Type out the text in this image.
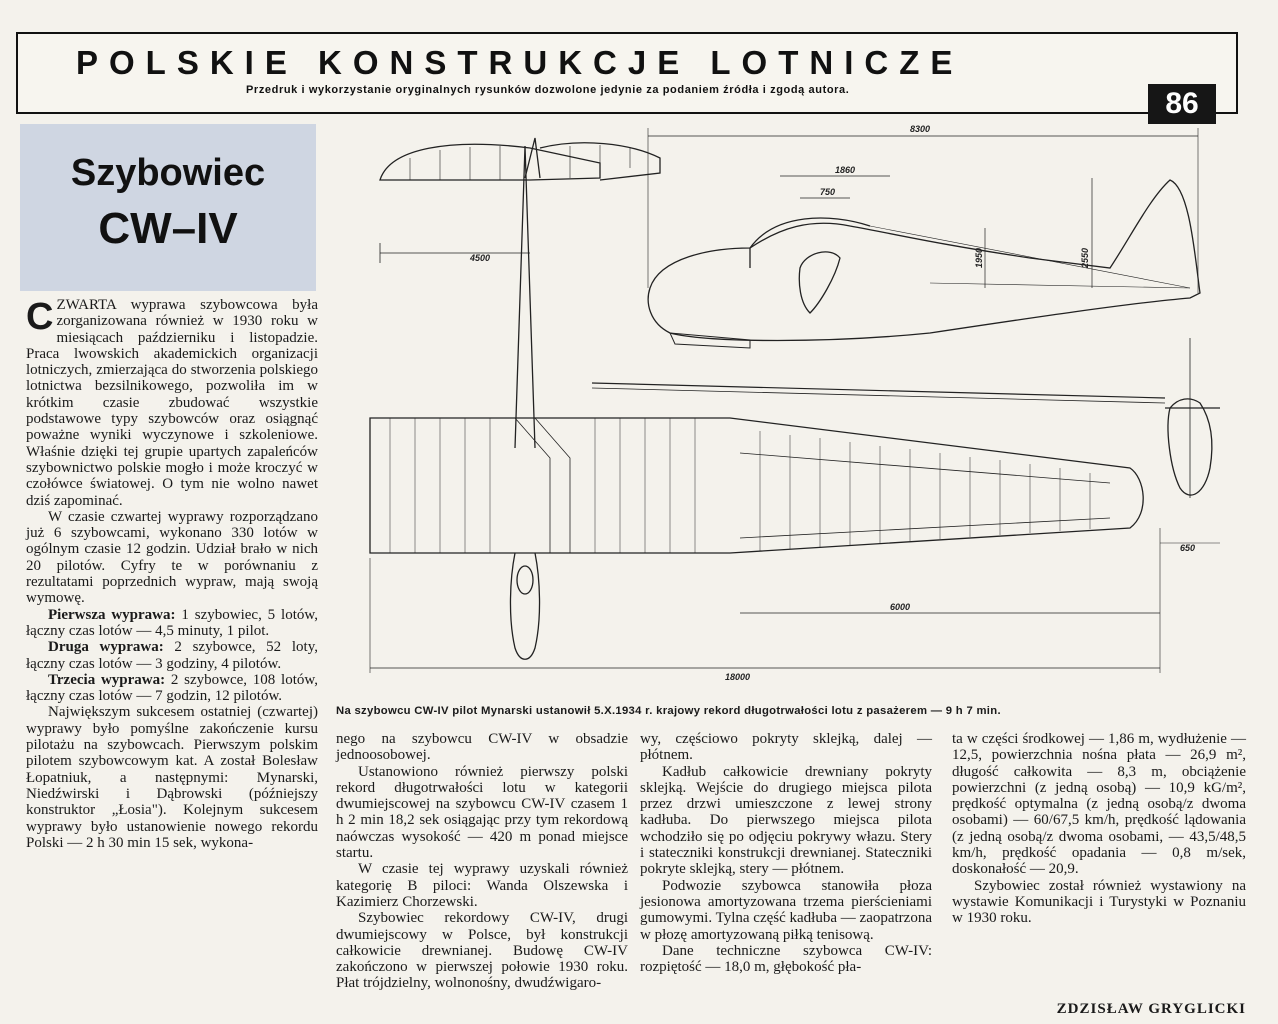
POLSKIE KONSTRUKCJE LOTNICZE
Przedruk i wykorzystanie oryginalnych rysunków dozwolone jedynie za podaniem źródła i zgodą autora.	86
Szybowiec
CW–IV
8300
1860
750
1950	2550
4500
6000
18000
650
Na szybowcu CW-IV pilot Mynarski ustanowił 5.X.1934 r. krajowy rekord długotrwałości lotu z pasażerem — 9 h 7 min.

CZWARTA wyprawa szybowcowa była zorganizowana również w 1930 roku w miesiącach październiku i listopadzie. Praca lwowskich akademickich organizacji lotniczych, zmierzająca do stworzenia polskiego lotnictwa bezsilnikowego, pozwoliła im w krótkim czasie zbudować wszystkie podstawowe typy szybowców oraz osiągnąć poważne wyniki wyczynowe i szkoleniowe. Właśnie dzięki tej grupie upartych zapaleńców szybownictwo polskie mogło i może kroczyć w czołówce światowej. O tym nie wolno nawet dziś zapominać.

W czasie czwartej wyprawy rozporządzano już 6 szybowcami, wykonano 330 lotów w ogólnym czasie 12 godzin. Udział brało w nich 20 pilotów. Cyfry te w porównaniu z rezultatami poprzednich wypraw, mają swoją wymowę.

Pierwsza wyprawa: 1 szybowiec, 5 lotów, łączny czas lotów — 4,5 minuty, 1 pilot.

Druga wyprawa: 2 szybowce, 52 loty, łączny czas lotów — 3 godziny, 4 pilotów.

Trzecia wyprawa: 2 szybowce, 108 lotów, łączny czas lotów — 7 godzin, 12 pilotów.

Największym sukcesem ostatniej (czwartej) wyprawy było pomyślne zakończenie kursu pilotażu na szybowcach. Pierwszym polskim pilotem szybowcowym kat. A został Bolesław Łopatniuk, a następnymi: Mynarski, Niedźwirski i Dąbrowski (późniejszy konstruktor „Łosia"). Kolejnym sukcesem wyprawy było ustanowienie nowego rekordu Polski — 2 h 30 min 15 sek, wykona-

nego na szybowcu CW-IV w obsadzie jednoosobowej.

Ustanowiono również pierwszy polski rekord długotrwałości lotu w kategorii dwumiejscowej na szybowcu CW-IV czasem 1 h 2 min 18,2 sek osiągając przy tym rekordową naówczas wysokość — 420 m ponad miejsce startu.

W czasie tej wyprawy uzyskali również kategorię B piloci: Wanda Olszewska i Kazimierz Chorzewski.

Szybowiec rekordowy CW-IV, drugi dwumiejscowy w Polsce, był konstrukcji całkowicie drewnianej. Budowę CW-IV zakończono w pierwszej połowie 1930 roku. Płat trójdzielny, wolnonośny, dwudźwigaro-

wy, częściowo pokryty sklejką, dalej — płótnem.

Kadłub całkowicie drewniany pokryty sklejką. Wejście do drugiego miejsca pilota przez drzwi umieszczone z lewej strony kadłuba. Do pierwszego miejsca pilota wchodziło się po odjęciu pokrywy włazu. Stery i stateczniki konstrukcji drewnianej. Stateczniki pokryte sklejką, stery — płótnem.

Podwozie szybowca stanowiła płoza jesionowa amortyzowana trzema pierścieniami gumowymi. Tylna część kadłuba — zaopatrzona w płozę amortyzowaną piłką tenisową.

Dane techniczne szybowca CW-IV: rozpiętość — 18,0 m, głębokość pła-

ta w części środkowej — 1,86 m, wydłużenie — 12,5, powierzchnia nośna płata — 26,9 m², długość całkowita — 8,3 m, obciążenie powierzchni (z jedną osobą) — 10,9 kG/m², prędkość optymalna (z jedną osobą/z dwoma osobami) — 60/67,5 km/h, prędkość lądowania (z jedną osobą/z dwoma osobami, — 43,5/48,5 km/h, prędkość opadania — 0,8 m/sek, doskonałość — 20,9.

Szybowiec został również wystawiony na wystawie Komunikacji i Turystyki w Poznaniu w 1930 roku.

ZDZISŁAW GRYGLICKI
